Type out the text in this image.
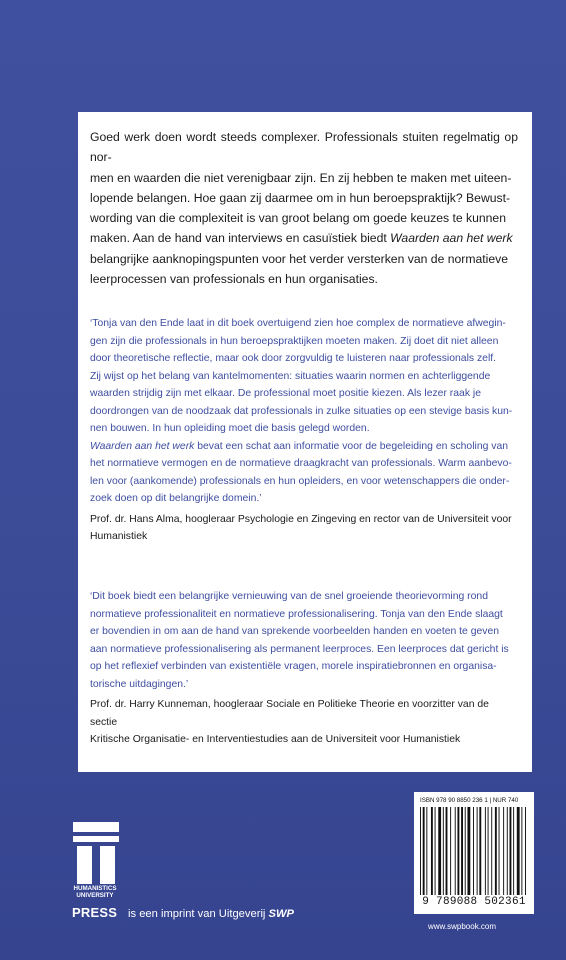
Goed werk doen wordt steeds complexer. Professionals stuiten regelmatig op nor-

men en waarden die niet verenigbaar zijn. En zij hebben te maken met uiteen-

lopende belangen. Hoe gaan zij daarmee om in hun beroepspraktijk? Bewust-

wording van die complexiteit is van groot belang om goede keuzes te kunnen

maken. Aan de hand van interviews en casuïstiek biedt Waarden aan het werk

belangrijke aanknopingspunten voor het verder versterken van de normatieve

leerprocessen van professionals en hun organisaties.

‘Tonja van den Ende laat in dit boek overtuigend zien hoe complex de normatieve afwegin-

gen zijn die professionals in hun beroepspraktijken moeten maken. Zij doet dit niet alleen

door theoretische reflectie, maar ook door zorgvuldig te luisteren naar professionals zelf.

Zij wijst op het belang van kantelmomenten: situaties waarin normen en achterliggende

waarden strijdig zijn met elkaar. De professional moet positie kiezen. Als lezer raak je

doordrongen van de noodzaak dat professionals in zulke situaties op een stevige basis kun-

nen bouwen. In hun opleiding moet die basis gelegd worden.

Waarden aan het werk bevat een schat aan informatie voor de begeleiding en scholing van

het normatieve vermogen en de normatieve draagkracht van professionals. Warm aanbevo-

len voor (aankomende) professionals en hun opleiders, en voor wetenschappers die onder-

zoek doen op dit belangrijke domein.’

Prof. dr. Hans Alma, hoogleraar Psychologie en Zingeving en rector van de Universiteit voor

Humanistiek

‘Dit boek biedt een belangrijke vernieuwing van de snel groeiende theorievorming rond

normatieve professionaliteit en normatieve professionalisering. Tonja van den Ende slaagt

er bovendien in om aan de hand van sprekende voorbeelden handen en voeten te geven

aan normatieve professionalisering als permanent leerproces. Een leerproces dat gericht is

op het reflexief verbinden van existentiële vragen, morele inspiratiebronnen en organisa-

torische uitdagingen.’

Prof. dr. Harry Kunneman, hoogleraar Sociale en Politieke Theorie en voorzitter van de sectie

Kritische Organisatie- en Interventiestudies aan de Universiteit voor Humanistiek

ISBN 978 90 8850 236 1 | NUR 740
9 789088 502361
HUMANISTICS
UNIVERSITY
PRESS is een imprint van Uitgeverij SWP
www.swpbook.com
